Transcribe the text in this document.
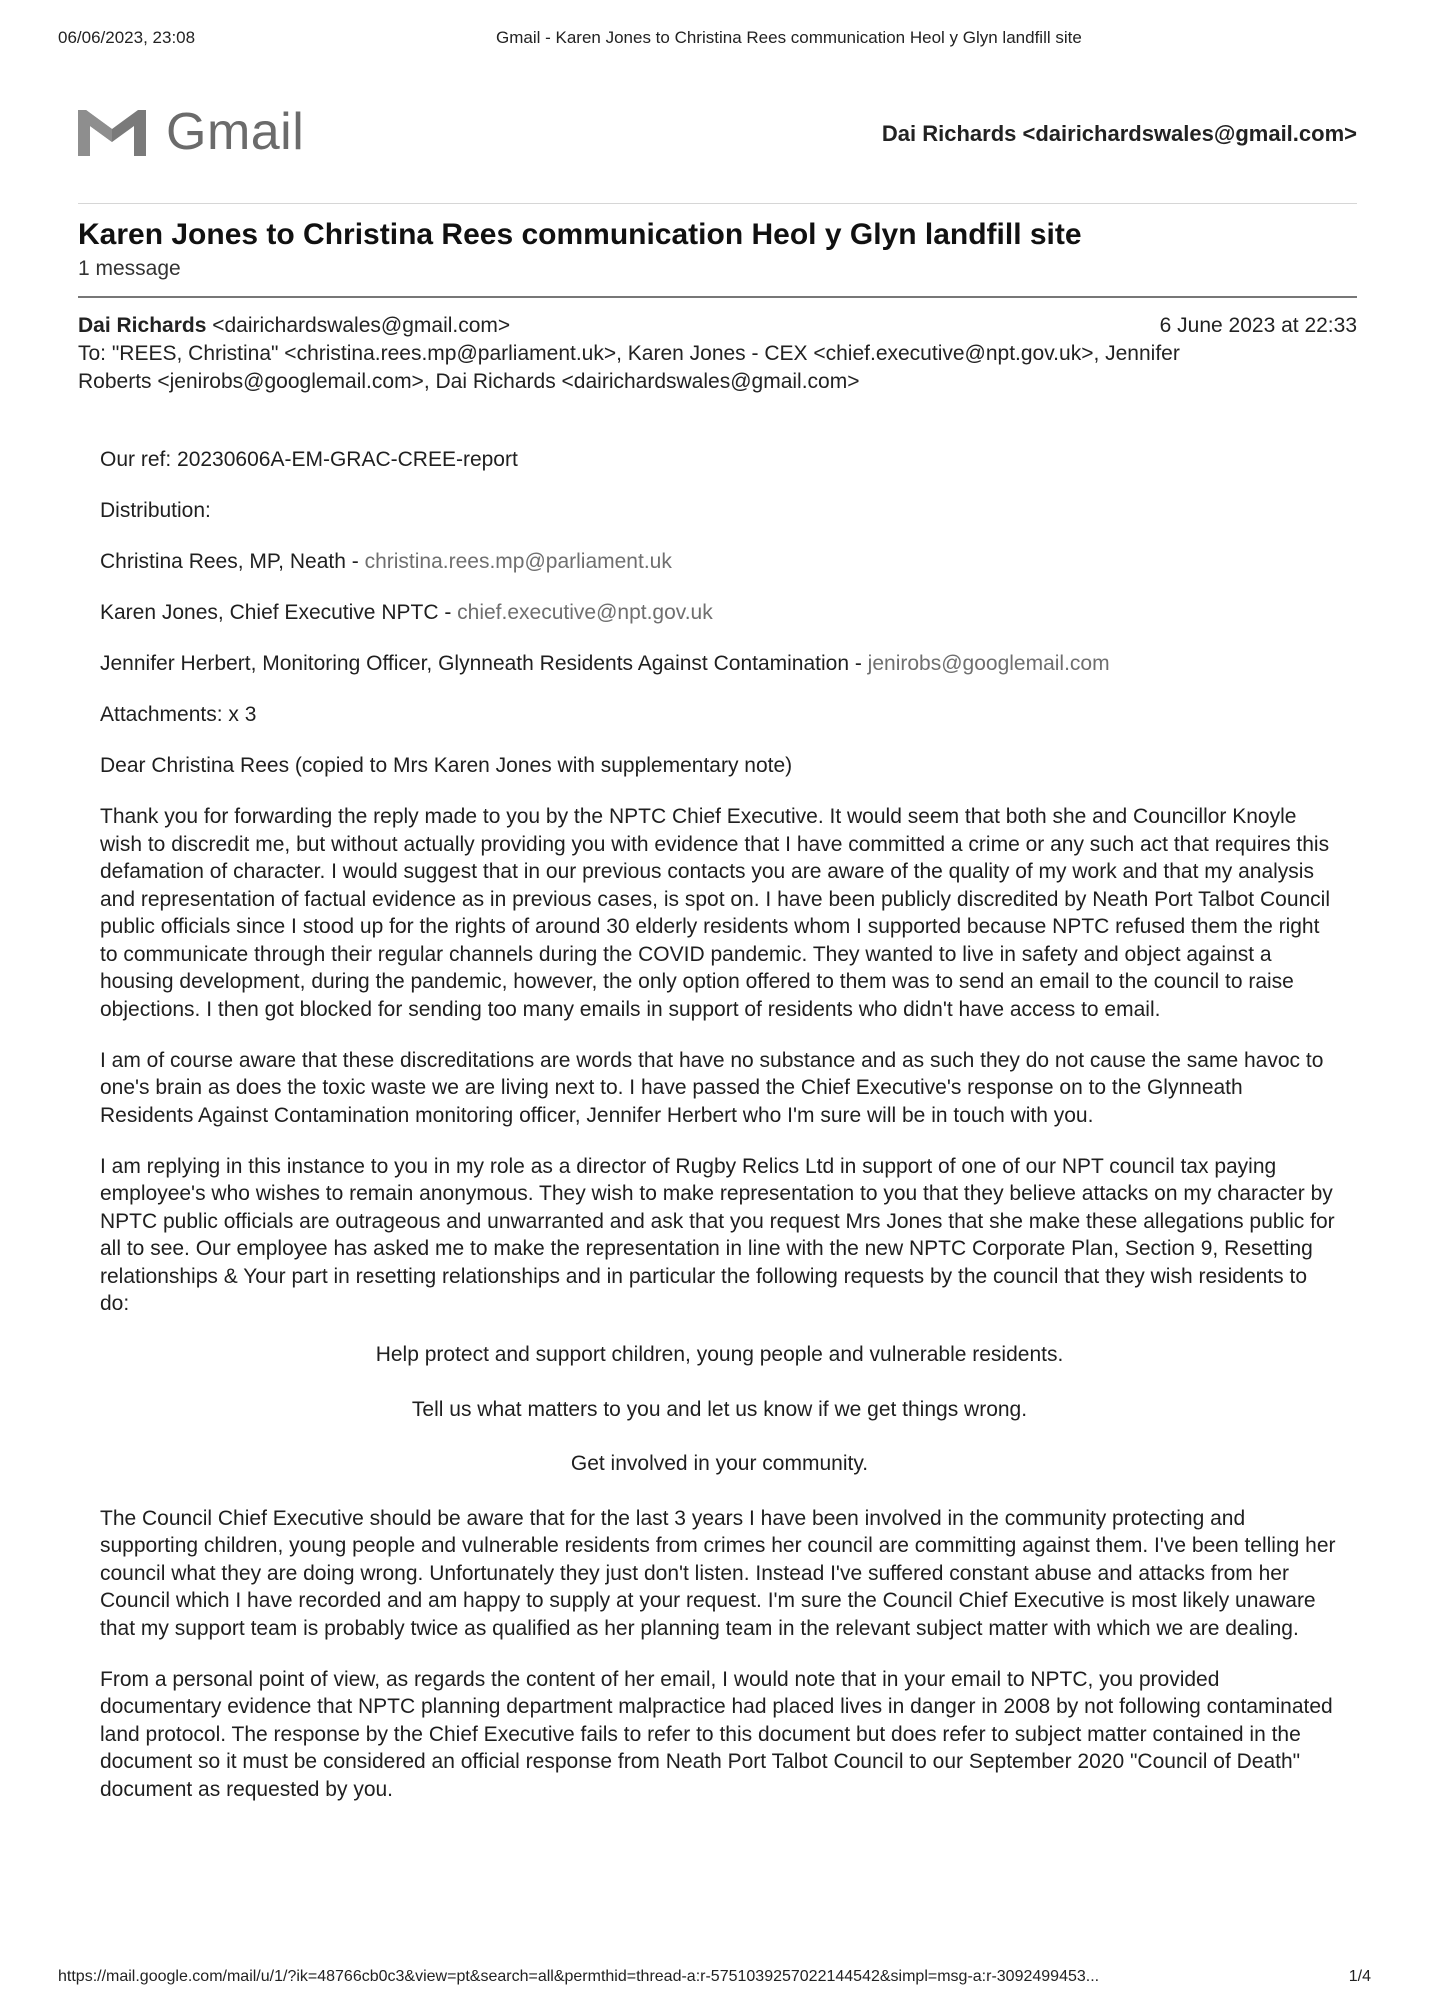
06/06/2023, 23:08	Gmail - Karen Jones to Christina Rees communication Heol y Glyn landfill site
Gmail	Dai Richards <dairichardswales@gmail.com>
Karen Jones to Christina Rees communication Heol y Glyn landfill site
1 message
Dai Richards <dairichardswales@gmail.com>	6 June 2023 at 22:33
To: "REES, Christina" <christina.rees.mp@parliament.uk>, Karen Jones - CEX <chief.executive@npt.gov.uk>, Jennifer
Roberts <jenirobs@googlemail.com>, Dai Richards <dairichardswales@gmail.com>

Our ref: 20230606A-EM-GRAC-CREE-report

Distribution:

Christina Rees, MP, Neath - christina.rees.mp@parliament.uk

Karen Jones, Chief Executive NPTC - chief.executive@npt.gov.uk

Jennifer Herbert, Monitoring Officer, Glynneath Residents Against Contamination - jenirobs@googlemail.com

Attachments: x 3

Dear Christina Rees (copied to Mrs Karen Jones with supplementary note)

Thank you for forwarding the reply made to you by the NPTC Chief Executive. It would seem that both she and Councillor Knoyle wish to discredit me, but without actually providing you with evidence that I have committed a crime or any such act that requires this defamation of character. I would suggest that in our previous contacts you are aware of the quality of my work and that my analysis and representation of factual evidence as in previous cases, is spot on. I have been publicly discredited by Neath Port Talbot Council public officials since I stood up for the rights of around 30 elderly residents whom I supported because NPTC refused them the right to communicate through their regular channels during the COVID pandemic. They wanted to live in safety and object against a housing development, during the pandemic, however, the only option offered to them was to send an email to the council to raise objections. I then got blocked for sending too many emails in support of residents who didn't have access to email.

I am of course aware that these discreditations are words that have no substance and as such they do not cause the same havoc to one's brain as does the toxic waste we are living next to. I have passed the Chief Executive's response on to the Glynneath Residents Against Contamination monitoring officer, Jennifer Herbert who I'm sure will be in touch with you.

I am replying in this instance to you in my role as a director of Rugby Relics Ltd in support of one of our NPT council tax paying employee's who wishes to remain anonymous. They wish to make representation to you that they believe attacks on my character by NPTC public officials are outrageous and unwarranted and ask that you request Mrs Jones that she make these allegations public for all to see. Our employee has asked me to make the representation in line with the new NPTC Corporate Plan, Section 9, Resetting relationships & Your part in resetting relationships and in particular the following requests by the council that they wish residents to do:

Help protect and support children, young people and vulnerable residents.

Tell us what matters to you and let us know if we get things wrong.

Get involved in your community.

The Council Chief Executive should be aware that for the last 3 years I have been involved in the community protecting and supporting children, young people and vulnerable residents from crimes her council are committing against them. I've been telling her council what they are doing wrong. Unfortunately they just don't listen. Instead I've suffered constant abuse and attacks from her Council which I have recorded and am happy to supply at your request. I'm sure the Council Chief Executive is most likely unaware that my support team is probably twice as qualified as her planning team in the relevant subject matter with which we are dealing.

From a personal point of view, as regards the content of her email, I would note that in your email to NPTC, you provided documentary evidence that NPTC planning department malpractice had placed lives in danger in 2008 by not following contaminated land protocol. The response by the Chief Executive fails to refer to this document but does refer to subject matter contained in the document so it must be considered an official response from Neath Port Talbot Council to our September 2020 "Council of Death" document as requested by you.

https://mail.google.com/mail/u/1/?ik=48766cb0c3&view=pt&search=all&permthid=thread-a:r-5751039257022144542&simpl=msg-a:r-3092499453...	1/4
